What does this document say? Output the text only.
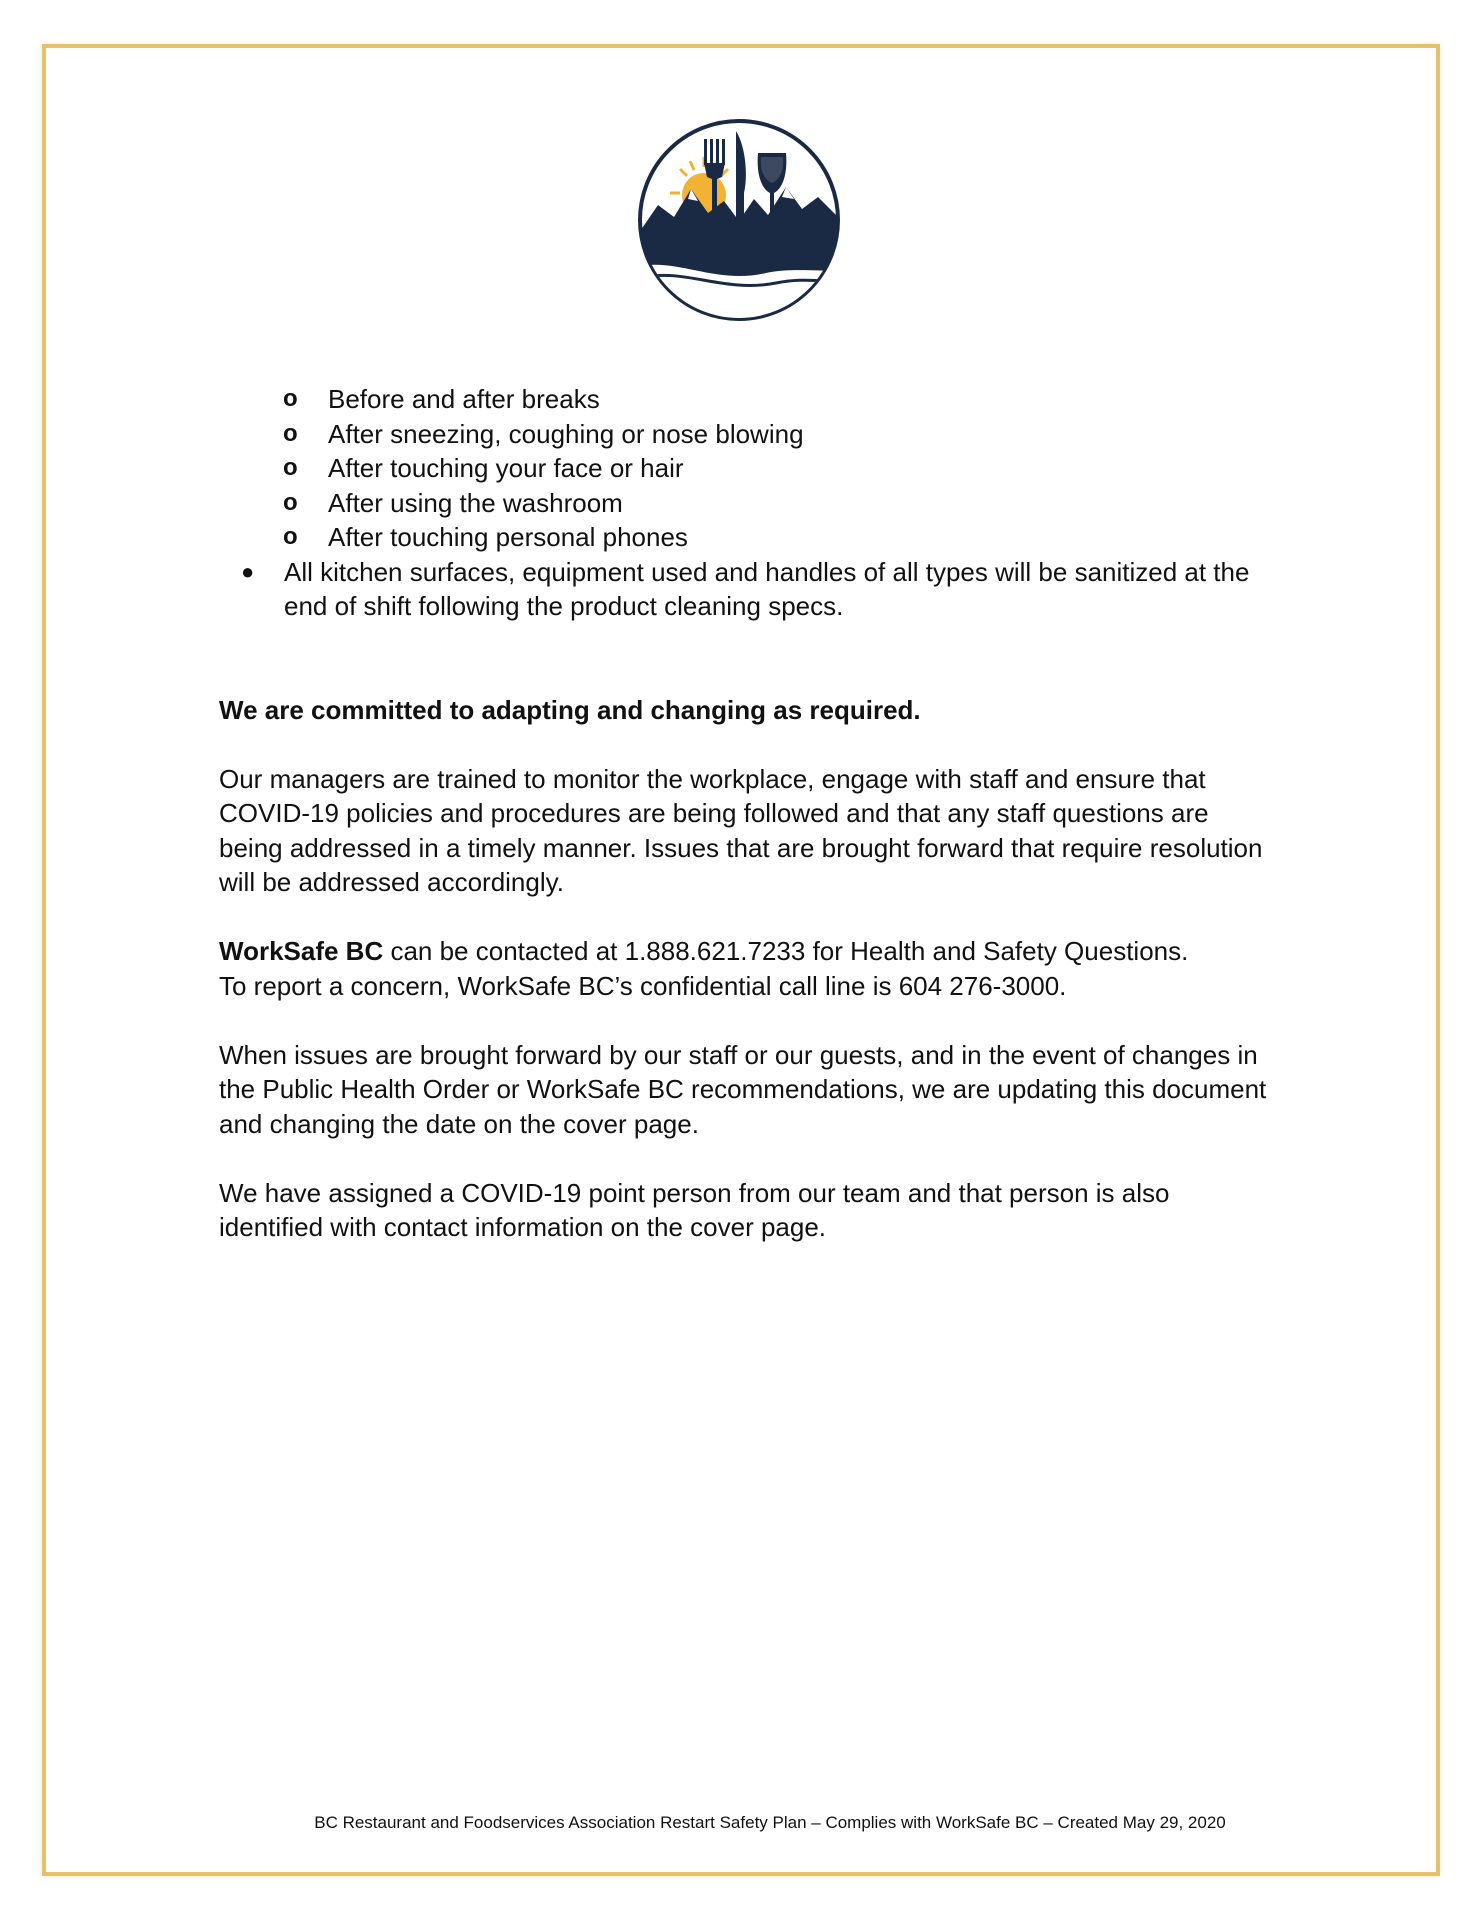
o Before and after breaks
o After sneezing, coughing or nose blowing
o After touching your face or hair
o After using the washroom
o After touching personal phones
● All kitchen surfaces, equipment used and handles of all types will be sanitized at the end of shift following the product cleaning specs.
We are committed to adapting and changing as required.
Our managers are trained to monitor the workplace, engage with staff and ensure that COVID-19 policies and procedures are being followed and that any staff questions are being addressed in a timely manner. Issues that are brought forward that require resolution will be addressed accordingly.
WorkSafe BC can be contacted at 1.888.621.7233 for Health and Safety Questions.
To report a concern, WorkSafe BC’s confidential call line is 604 276-3000.
When issues are brought forward by our staff or our guests, and in the event of changes in the Public Health Order or WorkSafe BC recommendations, we are updating this document and changing the date on the cover page.
We have assigned a COVID-19 point person from our team and that person is also identified with contact information on the cover page.
BC Restaurant and Foodservices Association Restart Safety Plan – Complies with WorkSafe BC – Created May 29, 2020
